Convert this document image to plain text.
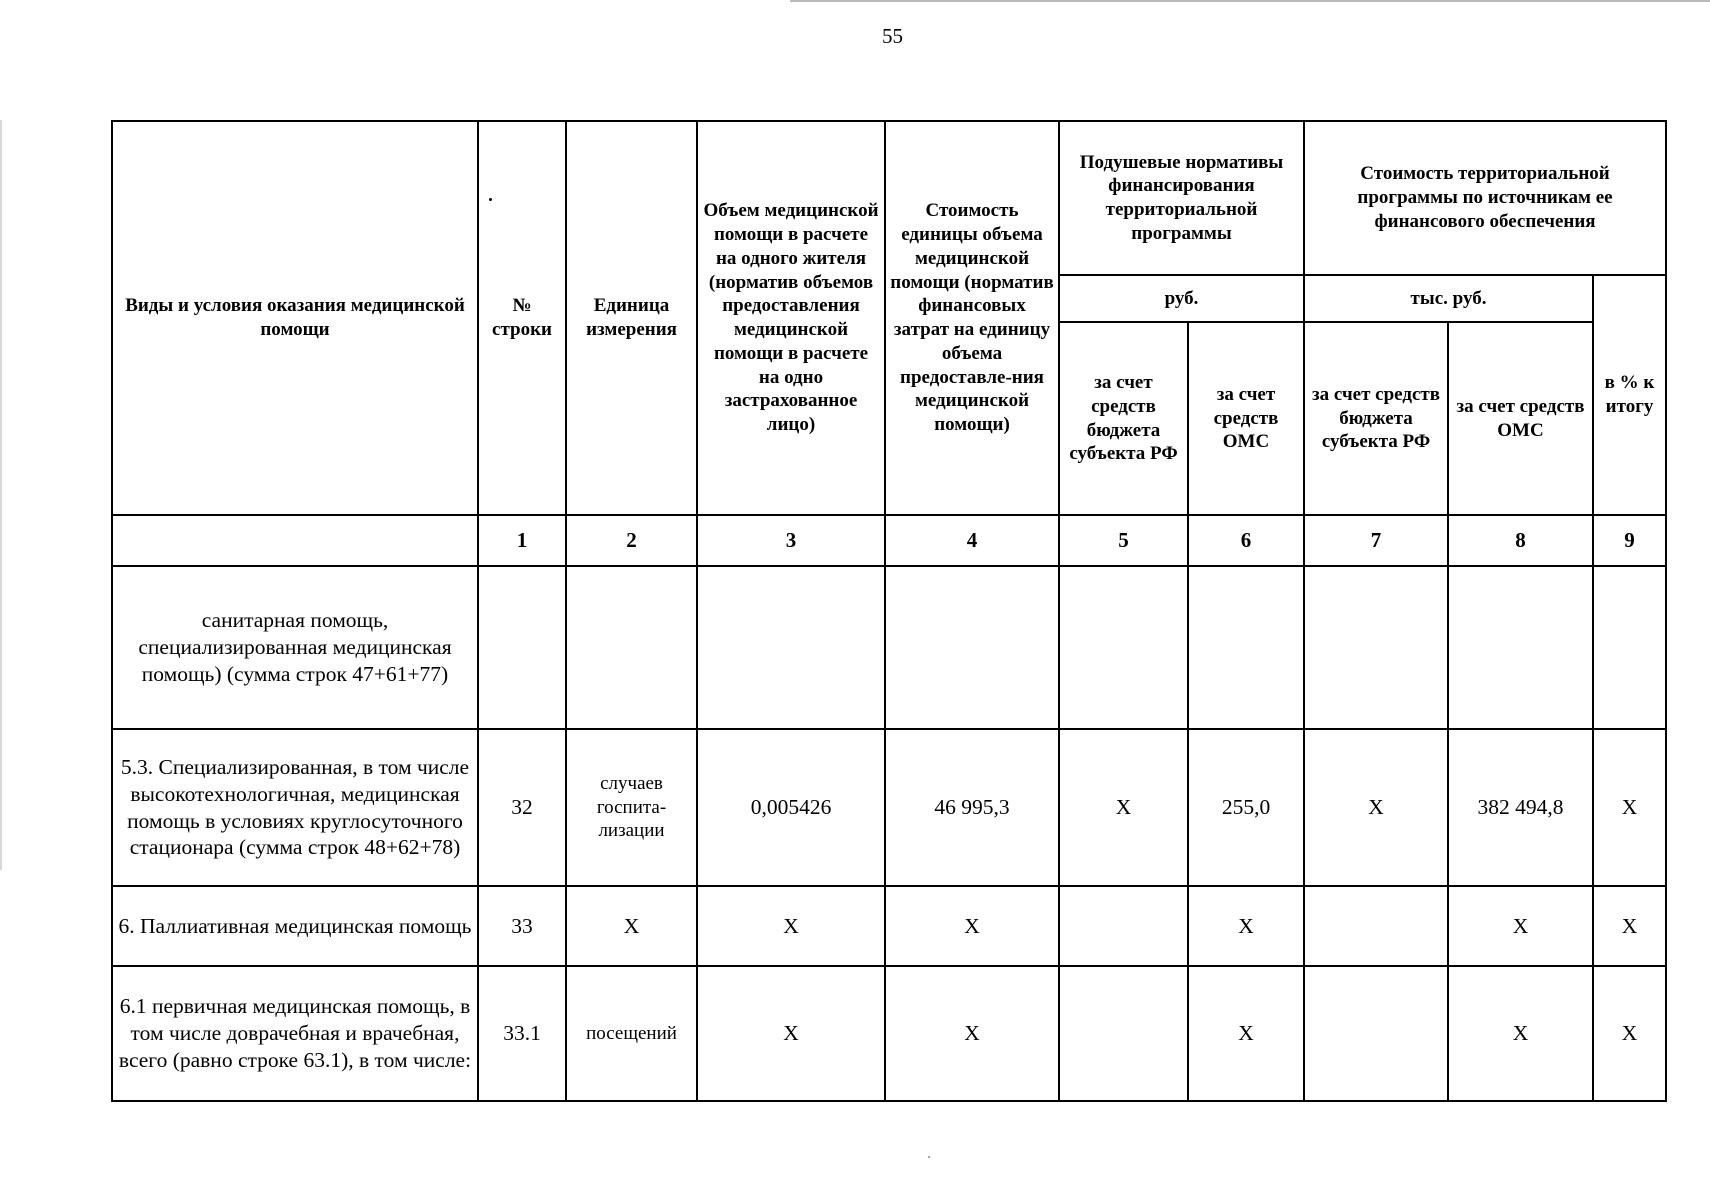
55
Виды и условия оказания медицинской помощи	№ строки	Единица измерения	Объем медицинской помощи в расчете на одного жителя (норматив объемов предоставления медицинской помощи в расчете на одно застрахованное лицо)	Стоимость единицы объема медицинской помощи (норматив финансовых затрат на единицу объема предоставле-ния медицинской помощи)	Подушевые нормативы финансирования территориальной программы		Стоимость территориальной программы по источникам ее финансового обеспечения		
					руб.		тыс. руб.		в % к итогу
					за счет средств бюджета субъекта РФ	за счет средств ОМС	за счет средств бюджета субъекта РФ	за счет средств ОМС	
	1	2	3	4	5	6	7	8	9
санитарная помощь, специализированная медицинская помощь) (сумма строк 47+61+77)									
5.3. Специализированная, в том числе высокотехнологичная, медицинская помощь в условиях круглосуточного стационара (сумма строк 48+62+78)	32	случаев госпита-лизации	0,005426	46 995,3	X	255,0	X	382 494,8	X
6. Паллиативная медицинская помощь	33	X	X	X		X		X	X
6.1 первичная медицинская помощь, в том числе доврачебная и врачебная, всего (равно строке 63.1), в том числе:	33.1	посещений	X	X		X		X	X
